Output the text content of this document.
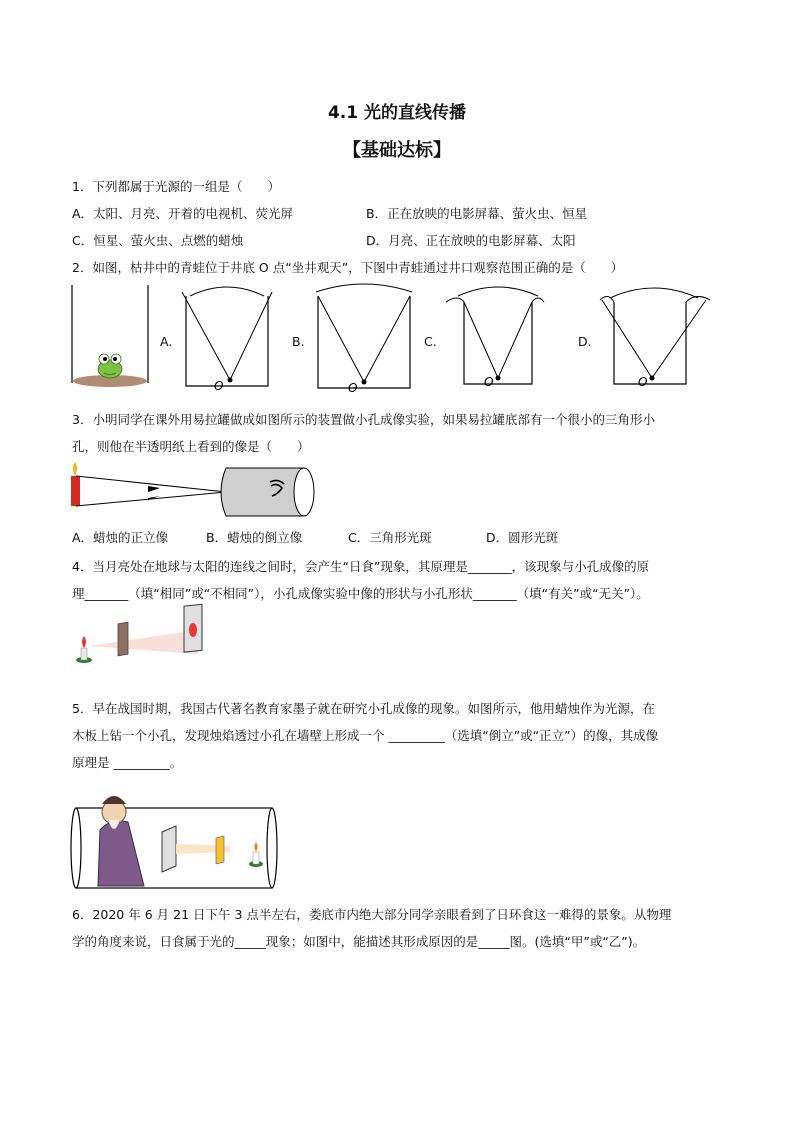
4.1 光的直线传播
【基础达标】
1．下列都属于光源的一组是（　　）
A．太阳、月亮、开着的电视机、荧光屏	B．正在放映的电影屏幕、萤火虫、恒星
C．恒星、萤火虫、点燃的蜡烛	D．月亮、正在放映的电影屏幕、太阳
2．如图，枯井中的青蛙位于井底 O 点“坐井观天”，下图中青蛙通过井口观察范围正确的是（　　）
A.
O
B.
O
C.
O
D.
O
3．小明同学在课外用易拉罐做成如图所示的装置做小孔成像实验，如果易拉罐底部有一个很小的三角形小
孔，则他在半透明纸上看到的像是（　　）
A．蜡烛的正立像	B．蜡烛的倒立像	C．三角形光斑	D．圆形光斑
4．当月亮处在地球与太阳的连线之间时，会产生“日食”现象，其原理是_______，该现象与小孔成像的原
理_______（填“相同”或“不相同”），小孔成像实验中像的形状与小孔形状_______（填“有关”或“无关”）。
5．早在战国时期，我国古代著名教育家墨子就在研究小孔成像的现象。如图所示，他用蜡烛作为光源，在
木板上钻一个小孔，发现烛焰透过小孔在墙壁上形成一个 _________（选填“倒立”或“正立”）的像，其成像
原理是 _________。
6．2020 年 6 月 21 日下午 3 点半左右，娄底市内绝大部分同学亲眼看到了日环食这一难得的景象。从物理
学的角度来说，日食属于光的_____现象；如图中，能描述其形成原因的是_____图。(选填“甲”或“乙”)。
